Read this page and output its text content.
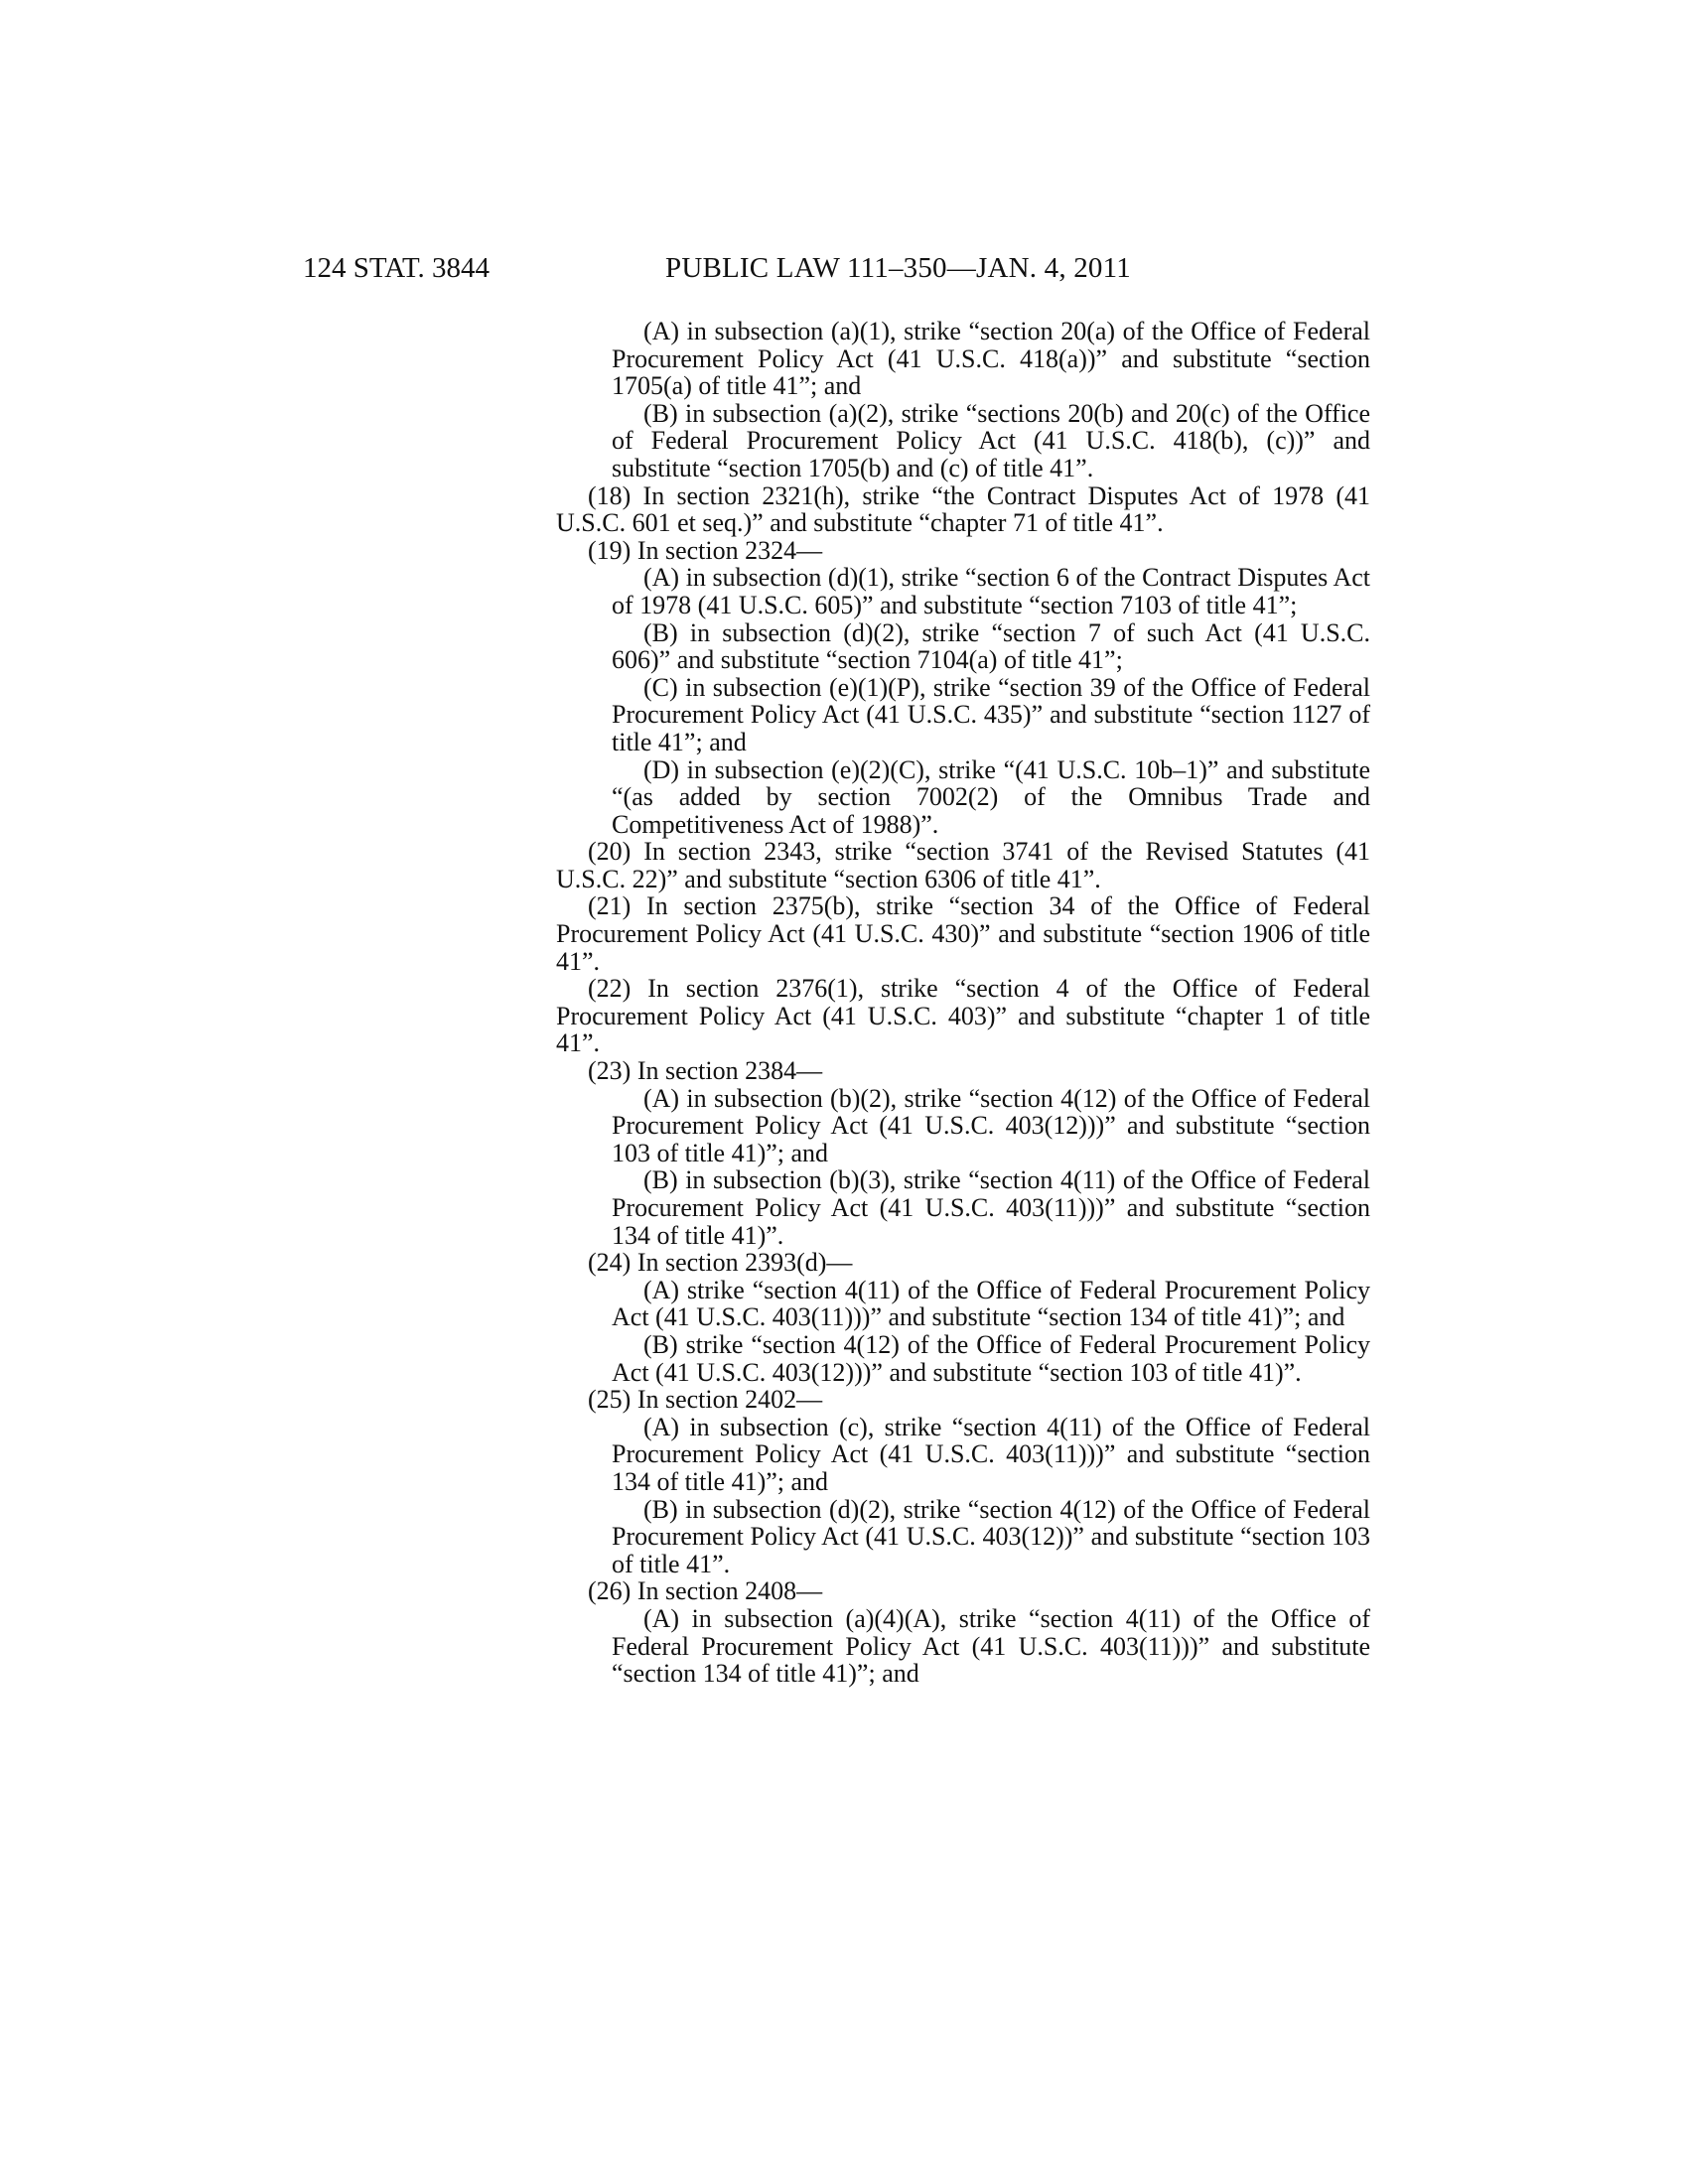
124 STAT. 3844	PUBLIC LAW 111–350—JAN. 4, 2011

(A) in subsection (a)(1), strike “section 20(a) of the Office of Federal Procurement Policy Act (41 U.S.C. 418(a))” and substitute “section 1705(a) of title 41”; and

(B) in subsection (a)(2), strike “sections 20(b) and 20(c) of the Office of Federal Procurement Policy Act (41 U.S.C. 418(b), (c))” and substitute “section 1705(b) and (c) of title 41”.

(18) In section 2321(h), strike “the Contract Disputes Act of 1978 (41 U.S.C. 601 et seq.)” and substitute “chapter 71 of title 41”.

(19) In section 2324—

(A) in subsection (d)(1), strike “section 6 of the Contract Disputes Act of 1978 (41 U.S.C. 605)” and substitute “section 7103 of title 41”;

(B) in subsection (d)(2), strike “section 7 of such Act (41 U.S.C. 606)” and substitute “section 7104(a) of title 41”;

(C) in subsection (e)(1)(P), strike “section 39 of the Office of Federal Procurement Policy Act (41 U.S.C. 435)” and substitute “section 1127 of title 41”; and

(D) in subsection (e)(2)(C), strike “(41 U.S.C. 10b–1)” and substitute “(as added by section 7002(2) of the Omnibus Trade and Competitiveness Act of 1988)”.

(20) In section 2343, strike “section 3741 of the Revised Statutes (41 U.S.C. 22)” and substitute “section 6306 of title 41”.

(21) In section 2375(b), strike “section 34 of the Office of Federal Procurement Policy Act (41 U.S.C. 430)” and substitute “section 1906 of title 41”.

(22) In section 2376(1), strike “section 4 of the Office of Federal Procurement Policy Act (41 U.S.C. 403)” and substitute “chapter 1 of title 41”.

(23) In section 2384—

(A) in subsection (b)(2), strike “section 4(12) of the Office of Federal Procurement Policy Act (41 U.S.C. 403(12)))” and substitute “section 103 of title 41)”; and

(B) in subsection (b)(3), strike “section 4(11) of the Office of Federal Procurement Policy Act (41 U.S.C. 403(11)))” and substitute “section 134 of title 41)”.

(24) In section 2393(d)—

(A) strike “section 4(11) of the Office of Federal Procurement Policy Act (41 U.S.C. 403(11)))” and substitute “section 134 of title 41)”; and

(B) strike “section 4(12) of the Office of Federal Procurement Policy Act (41 U.S.C. 403(12)))” and substitute “section 103 of title 41)”.

(25) In section 2402—

(A) in subsection (c), strike “section 4(11) of the Office of Federal Procurement Policy Act (41 U.S.C. 403(11)))” and substitute “section 134 of title 41)”; and

(B) in subsection (d)(2), strike “section 4(12) of the Office of Federal Procurement Policy Act (41 U.S.C. 403(12))” and substitute “section 103 of title 41”.

(26) In section 2408—

(A) in subsection (a)(4)(A), strike “section 4(11) of the Office of Federal Procurement Policy Act (41 U.S.C. 403(11)))” and substitute “section 134 of title 41)”; and
